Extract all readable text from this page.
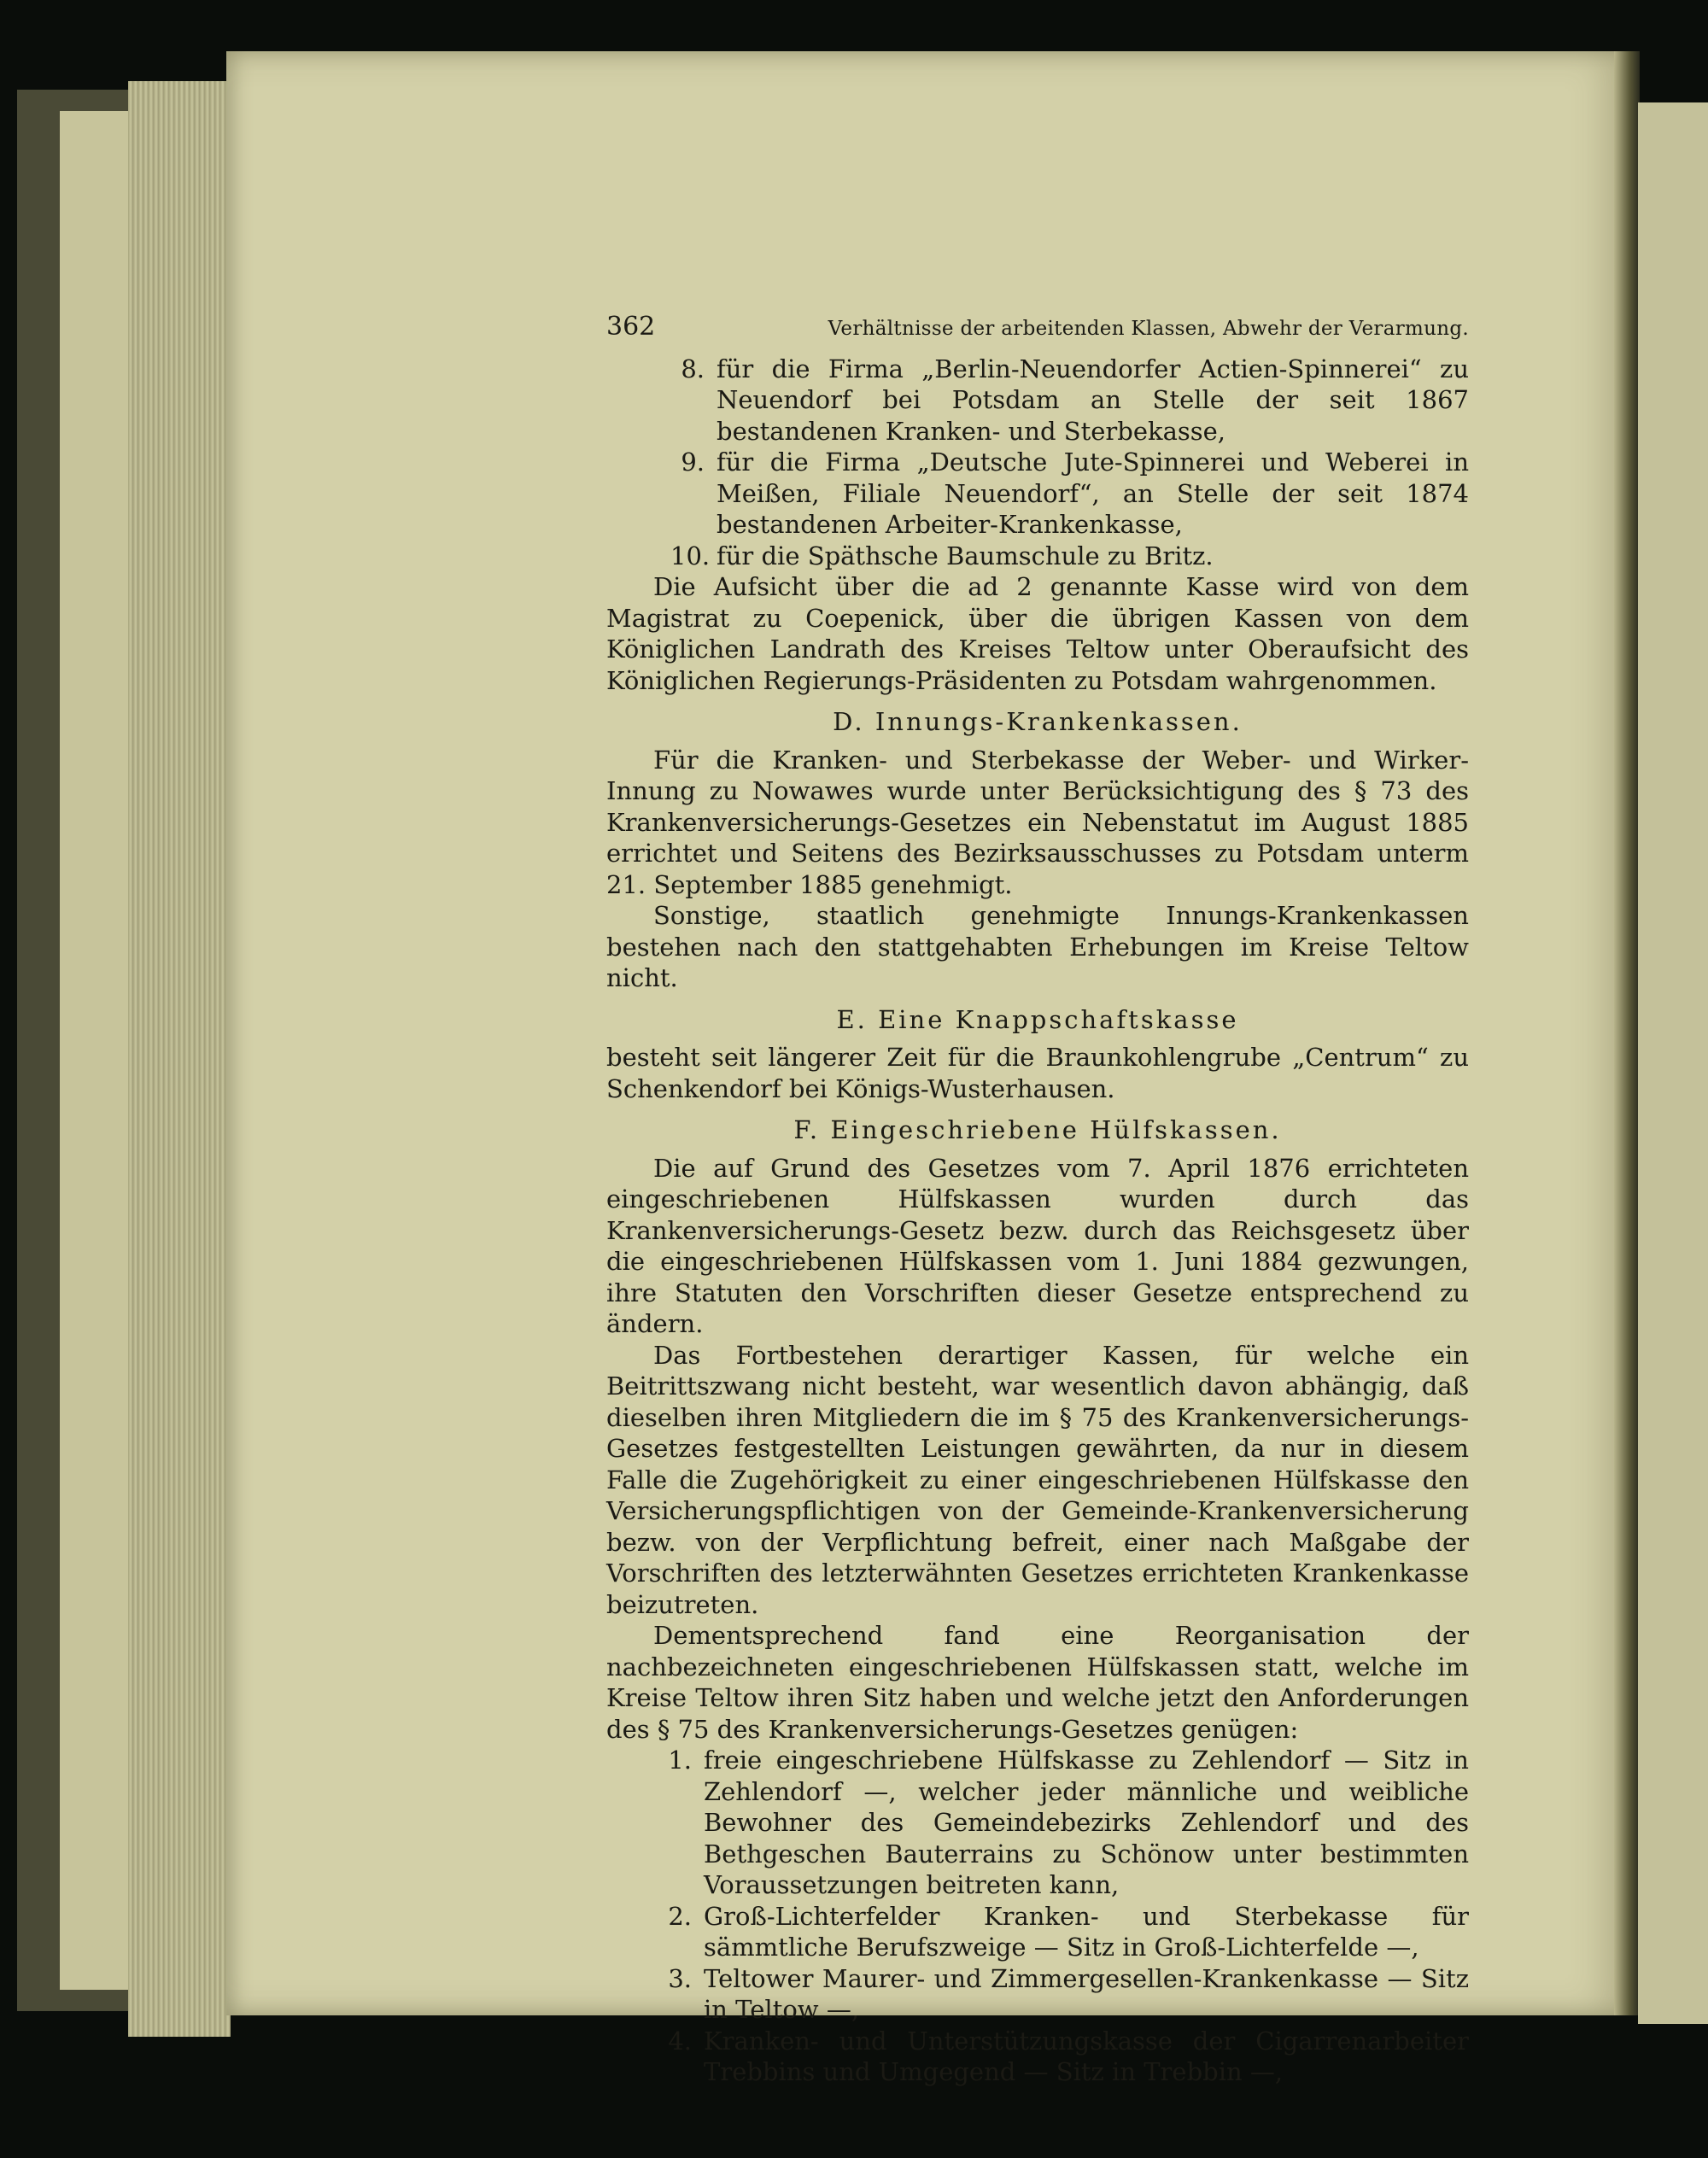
362	Verhältnisse der arbeitenden Klassen, Abwehr der Verarmung.
8. für die Firma „Berlin-Neuendorfer Actien-Spinnerei“ zu Neuendorf bei Potsdam an Stelle der seit 1867 bestandenen Kranken- und Sterbekasse,
9. für die Firma „Deutsche Jute-Spinnerei und Weberei in Meißen, Filiale Neuendorf“, an Stelle der seit 1874 bestandenen Arbeiter-Krankenkasse,
10. für die Späthsche Baumschule zu Britz.

Die Aufsicht über die ad 2 genannte Kasse wird von dem Magistrat zu Coepenick, über die übrigen Kassen von dem Königlichen Landrath des Kreises Teltow unter Oberaufsicht des Königlichen Regierungs-Präsidenten zu Potsdam wahrgenommen.

D. Innungs-Krankenkassen.

Für die Kranken- und Sterbekasse der Weber- und Wirker-Innung zu Nowawes wurde unter Berücksichtigung des § 73 des Krankenversicherungs-Gesetzes ein Nebenstatut im August 1885 errichtet und Seitens des Bezirksausschusses zu Potsdam unterm 21. September 1885 genehmigt.

Sonstige, staatlich genehmigte Innungs-Krankenkassen bestehen nach den stattgehabten Erhebungen im Kreise Teltow nicht.

E. Eine Knappschaftskasse

besteht seit längerer Zeit für die Braunkohlengrube „Centrum“ zu Schenkendorf bei Königs-Wusterhausen.

F. Eingeschriebene Hülfskassen.

Die auf Grund des Gesetzes vom 7. April 1876 errichteten eingeschriebenen Hülfskassen wurden durch das Krankenversicherungs-Gesetz bezw. durch das Reichsgesetz über die eingeschriebenen Hülfskassen vom 1. Juni 1884 gezwungen, ihre Statuten den Vorschriften dieser Gesetze entsprechend zu ändern.

Das Fortbestehen derartiger Kassen, für welche ein Beitrittszwang nicht besteht, war wesentlich davon abhängig, daß dieselben ihren Mitgliedern die im § 75 des Krankenversicherungs-Gesetzes festgestellten Leistungen gewährten, da nur in diesem Falle die Zugehörigkeit zu einer eingeschriebenen Hülfskasse den Versicherungspflichtigen von der Gemeinde-Krankenversicherung bezw. von der Verpflichtung befreit, einer nach Maßgabe der Vorschriften des letzterwähnten Gesetzes errichteten Krankenkasse beizutreten.

Dementsprechend fand eine Reorganisation der nachbezeichneten eingeschriebenen Hülfskassen statt, welche im Kreise Teltow ihren Sitz haben und welche jetzt den Anforderungen des § 75 des Krankenversicherungs-Gesetzes genügen:

1. freie eingeschriebene Hülfskasse zu Zehlendorf — Sitz in Zehlendorf —, welcher jeder männliche und weibliche Bewohner des Gemeindebezirks Zehlendorf und des Bethgeschen Bauterrains zu Schönow unter bestimmten Voraussetzungen beitreten kann,
2. Groß-Lichterfelder Kranken- und Sterbekasse für sämmtliche Berufszweige — Sitz in Groß-Lichterfelde —,
3. Teltower Maurer- und Zimmergesellen-Krankenkasse — Sitz in Teltow —,
4. Kranken- und Unterstützungskasse der Cigarrenarbeiter Trebbins und Umgegend — Sitz in Trebbin —,
